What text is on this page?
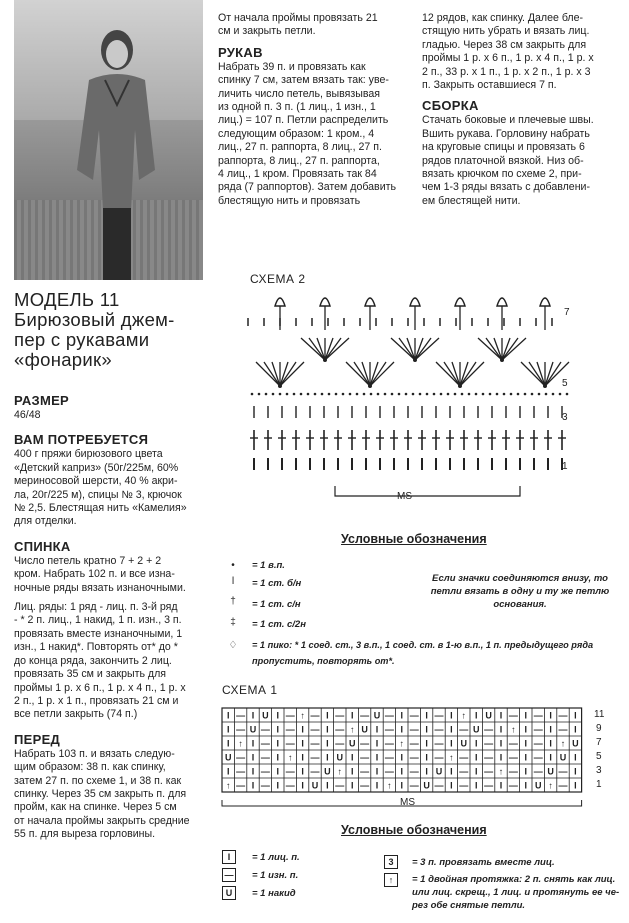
МОДЕЛЬ 11
Бирюзовый джем-
пер с рукавами
«фонарик»

РАЗМЕР

46/48

ВАМ ПОТРЕБУЕТСЯ

400 г пряжи бирюзового цвета

«Детский каприз» (50г/225м, 60%

мериносовой шерсти, 40 % акри-

ла, 20г/225 м), спицы № 3, крючок

№ 2,5. Блестящая нить «Камелия»

для отделки.

СПИНКА

Число петель кратно 7 + 2 + 2

кром. Набрать 102 п. и все изна-

ночные ряды вязать изнаночными.

Лиц. ряды: 1 ряд - лиц. п. 3-й ряд

- * 2 п. лиц., 1 накид, 1 п. изн., 3 п.

провязать вместе изнаночными, 1

изн., 1 накид*. Повторять от* до *

до конца ряда, закончить 2 лиц.

провязать 35 см и закрыть для

проймы 1 р. х 6 п., 1 р. х 4 п., 1 р. х

2 п., 1 р. х 1 п., провязать 21 см и

все петли закрыть (74 п.)

ПЕРЕД

Набрать 103 п. и вязать следую-

щим образом: 38 п. как спинку,

затем 27 п. по схеме 1, и 38 п. как

спинку. Через 35 см закрыть п. для

пройм, как на спинке. Через 5 см

от начала проймы закрыть средние

55 п. для выреза горловины.

От начала проймы провязать 21

см и закрыть петли.

РУКАВ

Набрать 39 п. и провязать как

спинку 7 см, затем вязать так: уве-

личить число петель, вывязывая

из одной п. 3 п. (1 лиц., 1 изн., 1

лиц.) = 107 п. Петли распределить

следующим образом: 1 кром., 4

лиц., 27 п. раппорта, 8 лиц., 27 п.

раппорта, 8 лиц., 27 п. раппорта,

4 лиц., 1 кром. Провязать так 84

ряда (7 раппортов). Затем добавить

блестящую нить и провязать

12 рядов, как спинку. Далее бле-

стящую нить убрать и вязать лиц.

гладью. Через 38 см закрыть для

проймы 1 р. х 6 п., 1 р. х 4 п., 1 р. х

2 п., 33 р. х 1 п., 1 р. х 2 п., 1 р. х 3

п. Закрыть оставшиеся 7 п.

СБОРКА

Стачать боковые и плечевые швы.

Вшить рукава. Горловину набрать

на круговые спицы и провязать 6

рядов платочной вязкой. Низ об-

вязать крючком по схеме 2, при-

чем 1-3 ряды вязать с добавлени-

ем блестящей нити.

СХЕМА 2
7
5
3
1
MS
Условные обозначения
•	= 1 в.п.
ǀ	= 1 ст. б/н
†	= 1 ст. с/н
‡	= 1 ст. с/2н
♢ = 1 пико: * 1 соед. ст., 3 в.п., 1 соед. ст. в 1-ю в.п., 1 п. предыдущего ряда
пропустить, повторять от*.
Если значки соединяются внизу, то
петли вязать в одну и ту же петлю
основания.
СХЕМА 1
I — I U I — ↑ — I — I — U — I — I — I ↑ I U I — I — I — I
I — U — I — I — I — ↑ U I — I — I — I — U — I ↑ I — I — I
I ↑ I — I — I — I — U — I — ↑ — I — I U I — I — I — I ↑ U
U — I — I ↑ I — I U I — I — I — I — ↑ — I — I — I — I U I
I — I — I — I — U ↑ I — I — I — I U I — I — ↑ — I — U — I
↑ — I — I — I U I — I — I ↑ I — U — I — I — I — I U ↑ — I
11
9
7
5
3
1
MS
Условные обозначения
I	= 1 лиц. п.
— = 1 изн. п.
U	= 1 накид
3	= 3 п. провязать вместе лиц.
↑	= 1 двойная протяжка: 2 п. снять как лиц.
или лиц. скрещ., 1 лиц. и протянуть ее че-
рез обе снятые петли.
